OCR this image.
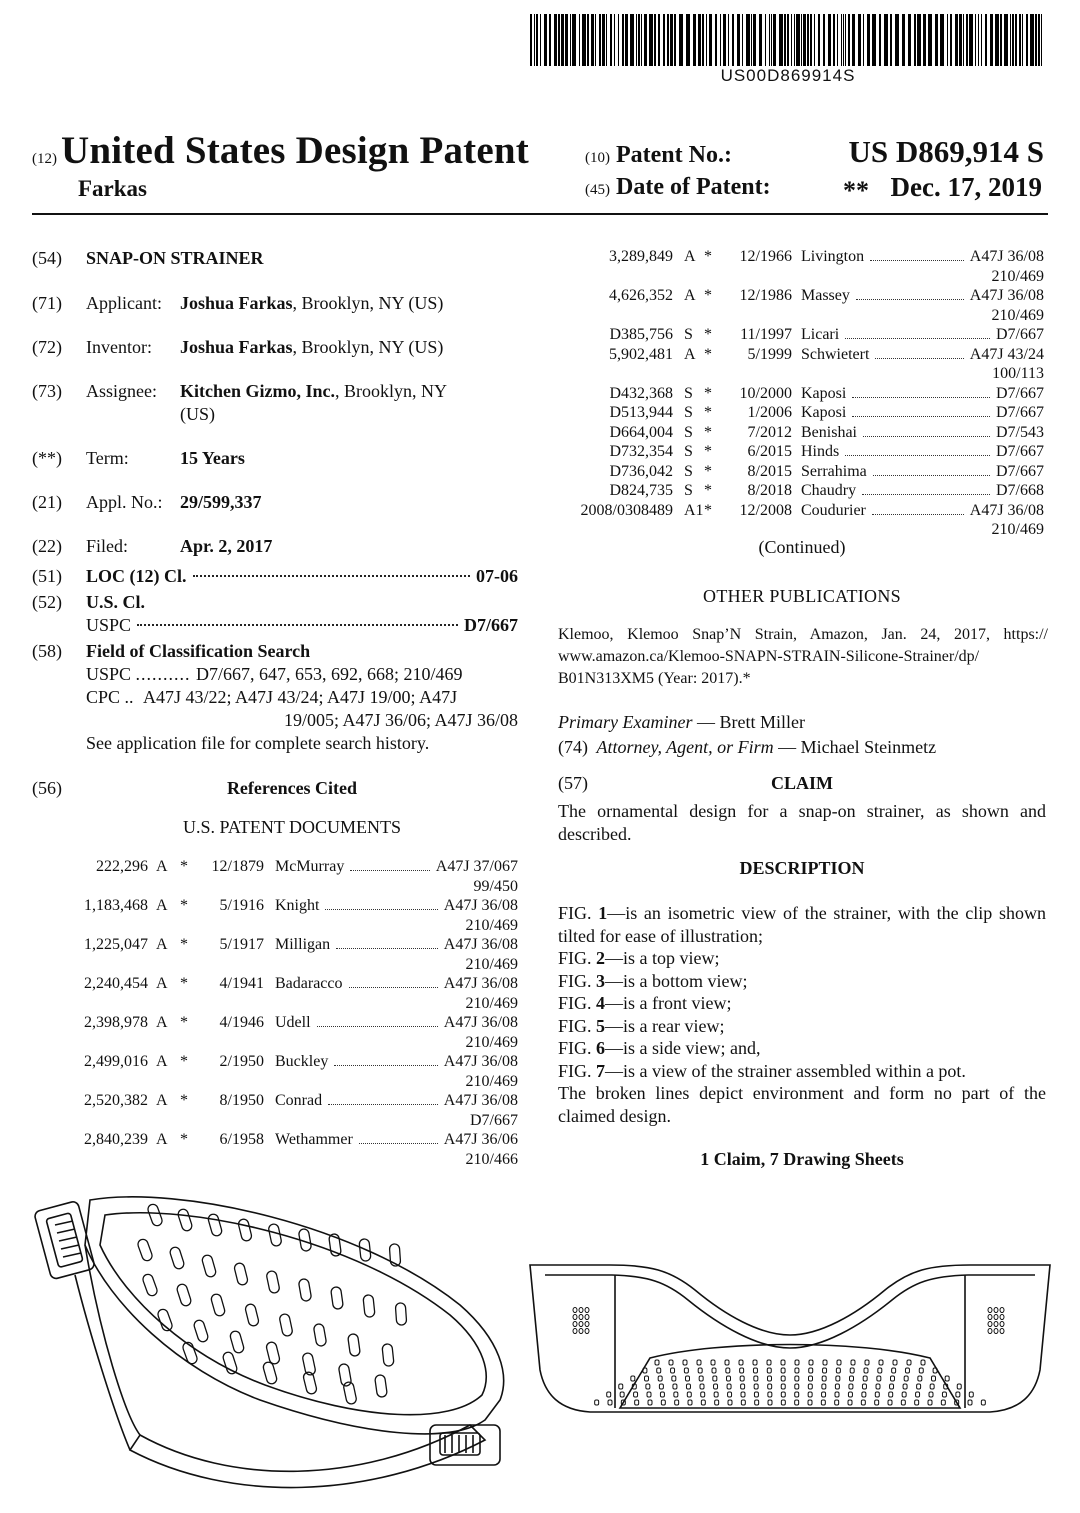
US00D869914S
(12) United States Design Patent
Farkas
(10) Patent No.:	US D869,914 S
(45) Date of Patent:	** Dec. 17, 2019
(54) SNAP-ON STRAINER
(71) Applicant: Joshua Farkas, Brooklyn, NY (US)
(72) Inventor: Joshua Farkas, Brooklyn, NY (US)
(73) Assignee: Kitchen Gizmo, Inc., Brooklyn, NY
(US)
(**) Term:	15 Years
(21) Appl. No.: 29/599,337
(22) Filed:	Apr. 2, 2017
(51) LOC (12) Cl.	07-06
(52) U.S. Cl.
USPC	D7/667
(58) Field of Classification Search
USPC .......... D7/667, 647, 653, 692, 668; 210/469
CPC .. A47J 43/22; A47J 43/24; A47J 19/00; A47J
19/005; A47J 36/06; A47J 36/08
See application file for complete search history.
(56)	References Cited
U.S. PATENT DOCUMENTS
222,296 A * 12/1879 McMurray	A47J 37/067
99/450
1,183,468 A * 5/1916 Knight	A47J 36/08
210/469
1,225,047 A * 5/1917 Milligan	A47J 36/08
210/469
2,240,454 A * 4/1941 Badaracco	A47J 36/08
210/469
2,398,978 A * 4/1946 Udell	A47J 36/08
210/469
2,499,016 A * 2/1950 Buckley	A47J 36/08
210/469
2,520,382 A * 8/1950 Conrad	A47J 36/08
D7/667
2,840,239 A * 6/1958 Wethammer	A47J 36/06
210/466
3,289,849 A * 12/1966 Livington	A47J 36/08
210/469
4,626,352 A * 12/1986 Massey	A47J 36/08
210/469
D385,756 S * 11/1997 Licari	D7/667
5,902,481 A * 5/1999 Schwietert	A47J 43/24
100/113
D432,368 S * 10/2000 Kaposi	D7/667
D513,944 S * 1/2006 Kaposi	D7/667
D664,004 S * 7/2012 Benishai	D7/543
D732,354 S * 6/2015 Hinds	D7/667
D736,042 S * 8/2015 Serrahima	D7/667
D824,735 S * 8/2018 Chaudry	D7/668
2008/0308489 A1 * 12/2008 Coudurier	A47J 36/08
210/469
(Continued)
OTHER PUBLICATIONS
Klemoo, Klemoo Snap’N Strain, Amazon, Jan. 24, 2017, https://
www.amazon.ca/Klemoo-SNAPN-STRAIN-Silicone-Strainer/dp/
B01N313XM5 (Year: 2017).*
Primary Examiner — Brett Miller
(74) Attorney, Agent, or Firm — Michael Steinmetz
(57)	CLAIM
The ornamental design for a snap-on strainer, as shown and described.
DESCRIPTION
FIG. 1—is an isometric view of the strainer, with the clip shown tilted for ease of illustration;
FIG. 2—is a top view;
FIG. 3—is a bottom view;
FIG. 4—is a front view;
FIG. 5—is a rear view;
FIG. 6—is a side view; and,
FIG. 7—is a view of the strainer assembled within a pot.
The broken lines depict environment and form no part of the claimed design.
1 Claim, 7 Drawing Sheets
